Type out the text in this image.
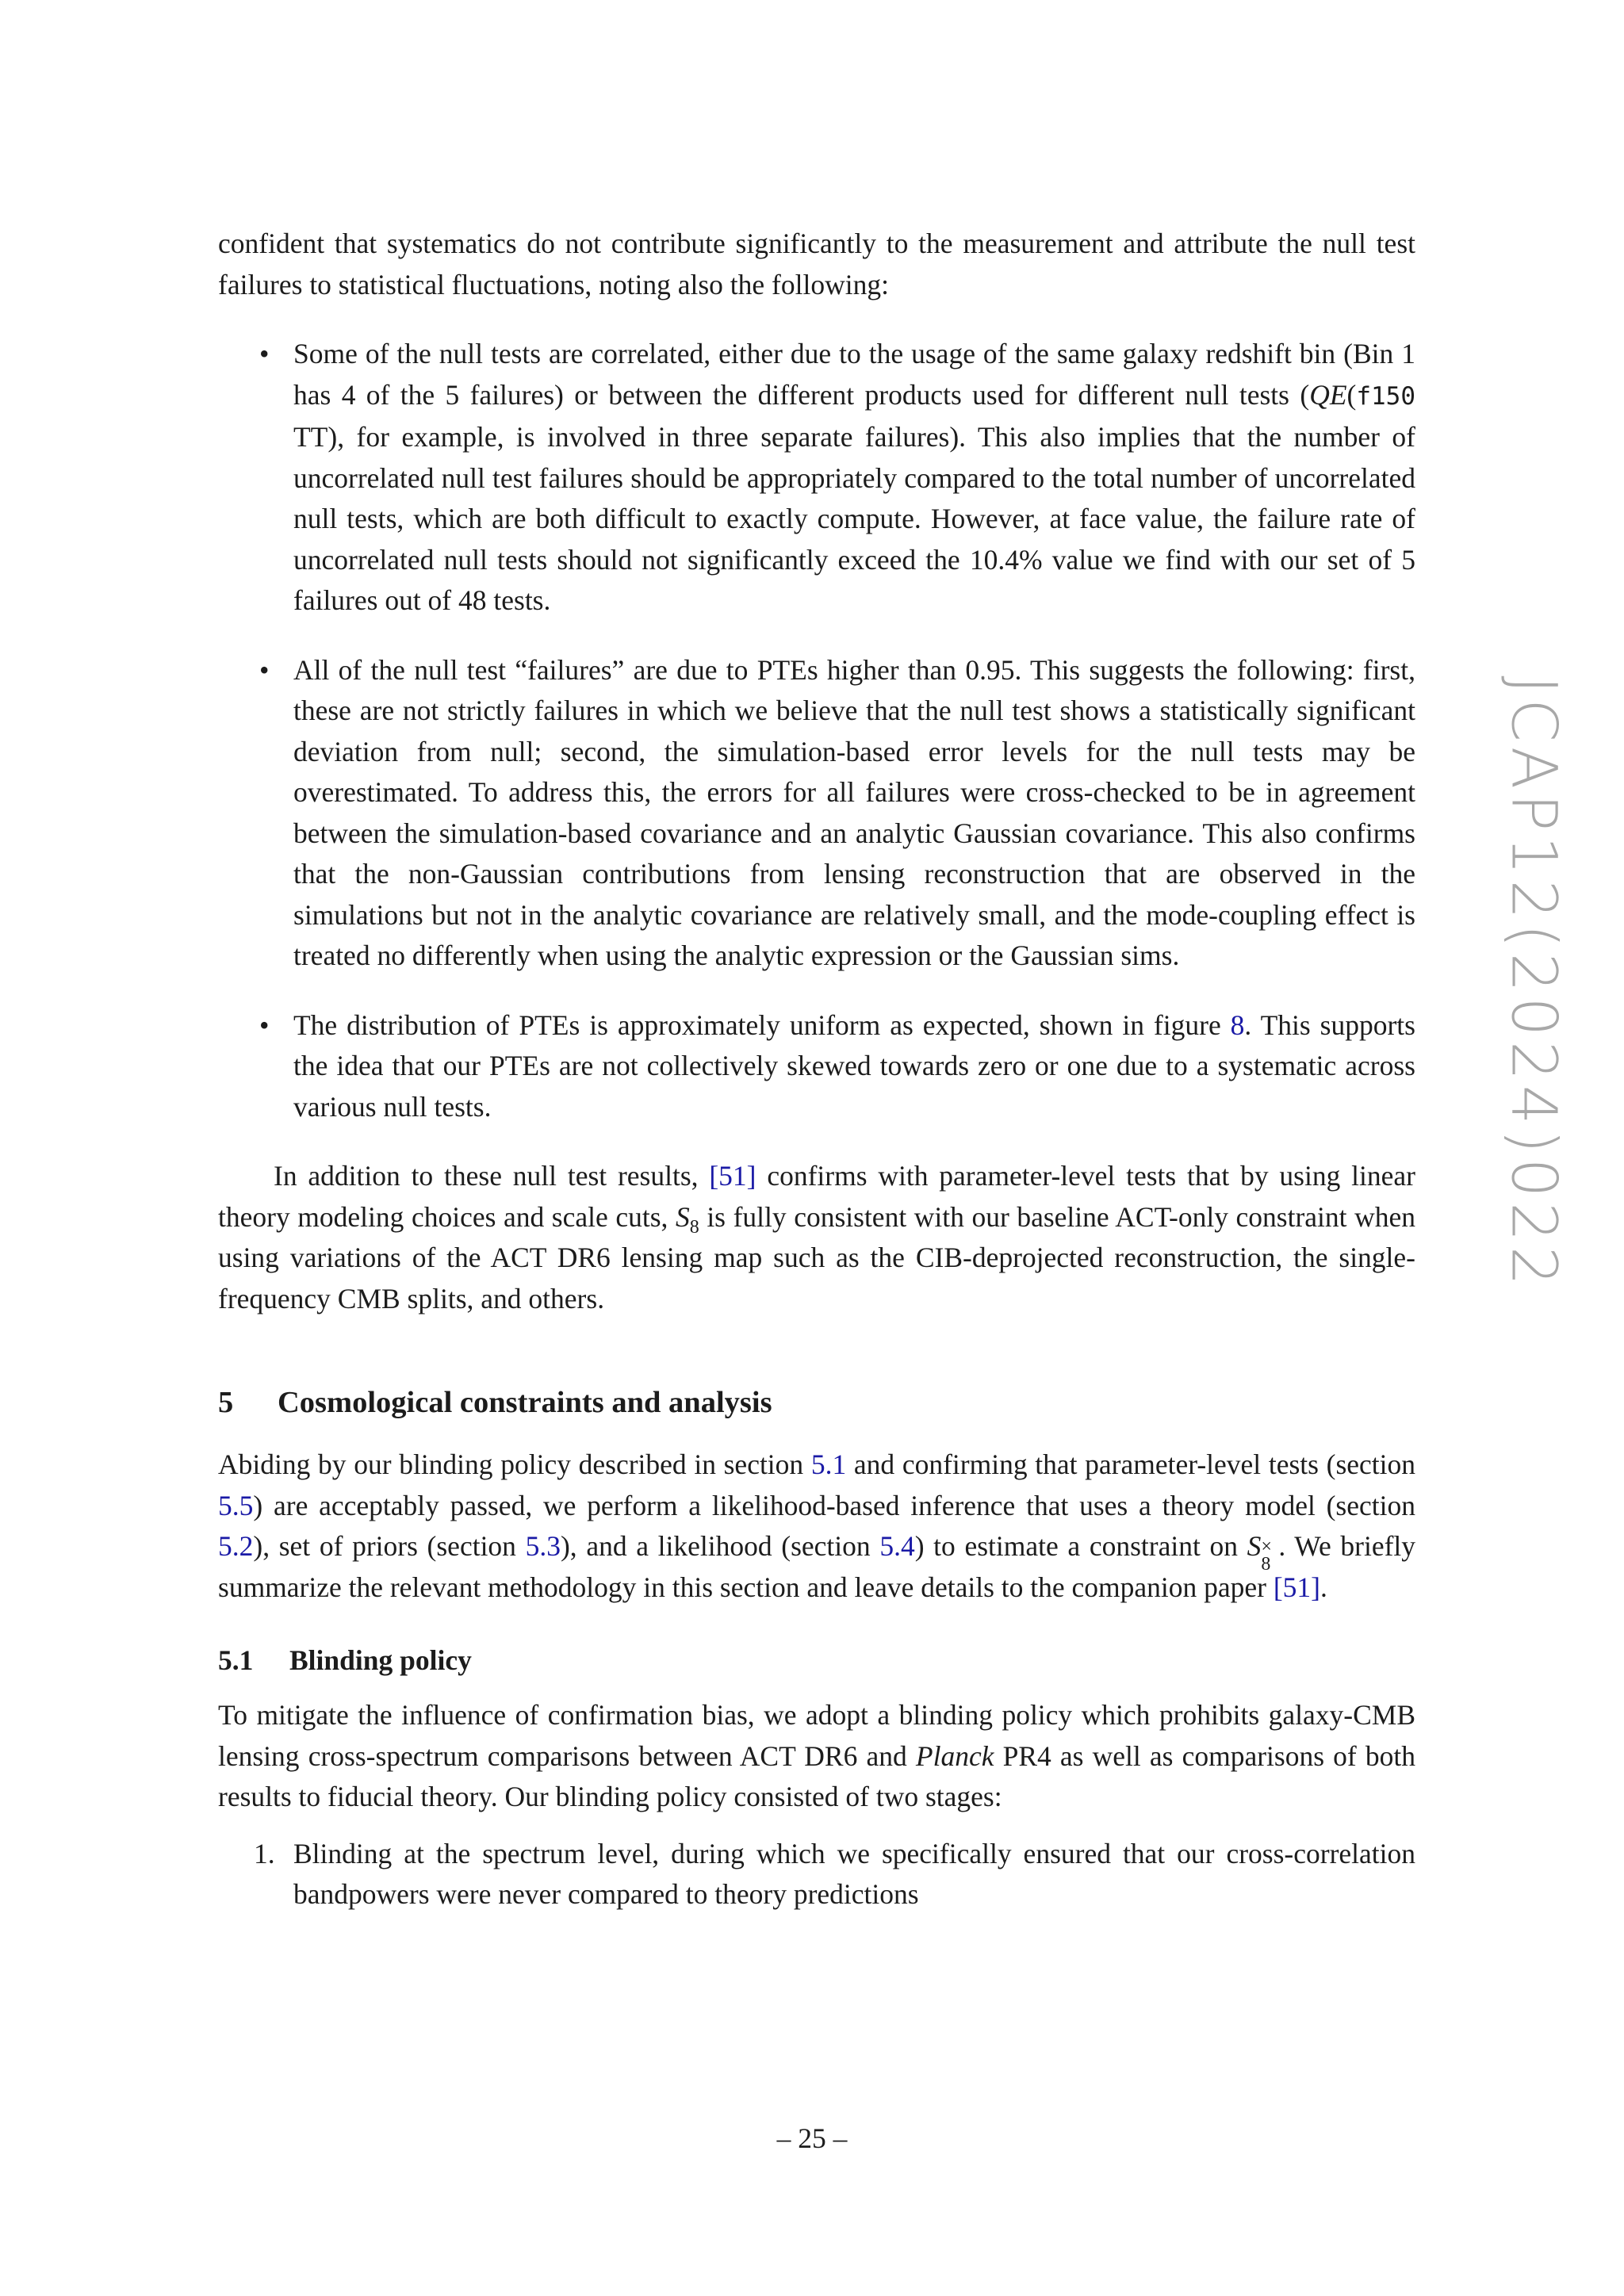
JCAP12(2024)022

confident that systematics do not contribute significantly to the measurement and attribute the null test failures to statistical fluctuations, noting also the following:

• Some of the null tests are correlated, either due to the usage of the same galaxy redshift bin (Bin 1 has 4 of the 5 failures) or between the different products used for different null tests (QE(f150 TT), for example, is involved in three separate failures). This also implies that the number of uncorrelated null test failures should be appropriately compared to the total number of uncorrelated null tests, which are both difficult to exactly compute. However, at face value, the failure rate of uncorrelated null tests should not significantly exceed the 10.4% value we find with our set of 5 failures out of 48 tests.

• All of the null test “failures” are due to PTEs higher than 0.95. This suggests the following: first, these are not strictly failures in which we believe that the null test shows a statistically significant deviation from null; second, the simulation-based error levels for the null tests may be overestimated. To address this, the errors for all failures were cross-checked to be in agreement between the simulation-based covariance and an analytic Gaussian covariance. This also confirms that the non-Gaussian contributions from lensing reconstruction that are observed in the simulations but not in the analytic covariance are relatively small, and the mode-coupling effect is treated no differently when using the analytic expression or the Gaussian sims.

• The distribution of PTEs is approximately uniform as expected, shown in figure 8. This supports the idea that our PTEs are not collectively skewed towards zero or one due to a systematic across various null tests.

In addition to these null test results, [51] confirms with parameter-level tests that by using linear theory modeling choices and scale cuts, $S_8$ is fully consistent with our baseline ACT-only constraint when using variations of the ACT DR6 lensing map such as the CIB-deprojected reconstruction, the single-frequency CMB splits, and others.

5 Cosmological constraints and analysis

Abiding by our blinding policy described in section 5.1 and confirming that parameter-level tests (section 5.5) are acceptably passed, we perform a likelihood-based inference that uses a theory model (section 5.2), set of priors (section 5.3), and a likelihood (section 5.4) to estimate a constraint on S ×
8
. We briefly summarize the relevant methodology in this section and leave details to the companion paper [51].

5.1 Blinding policy

To mitigate the influence of confirmation bias, we adopt a blinding policy which prohibits galaxy-CMB lensing cross-spectrum comparisons between ACT DR6 and Planck PR4 as well as comparisons of both results to fiducial theory. Our blinding policy consisted of two stages:

1. Blinding at the spectrum level, during which we specifically ensured that our cross-correlation bandpowers were never compared to theory predictions

– 25 –
